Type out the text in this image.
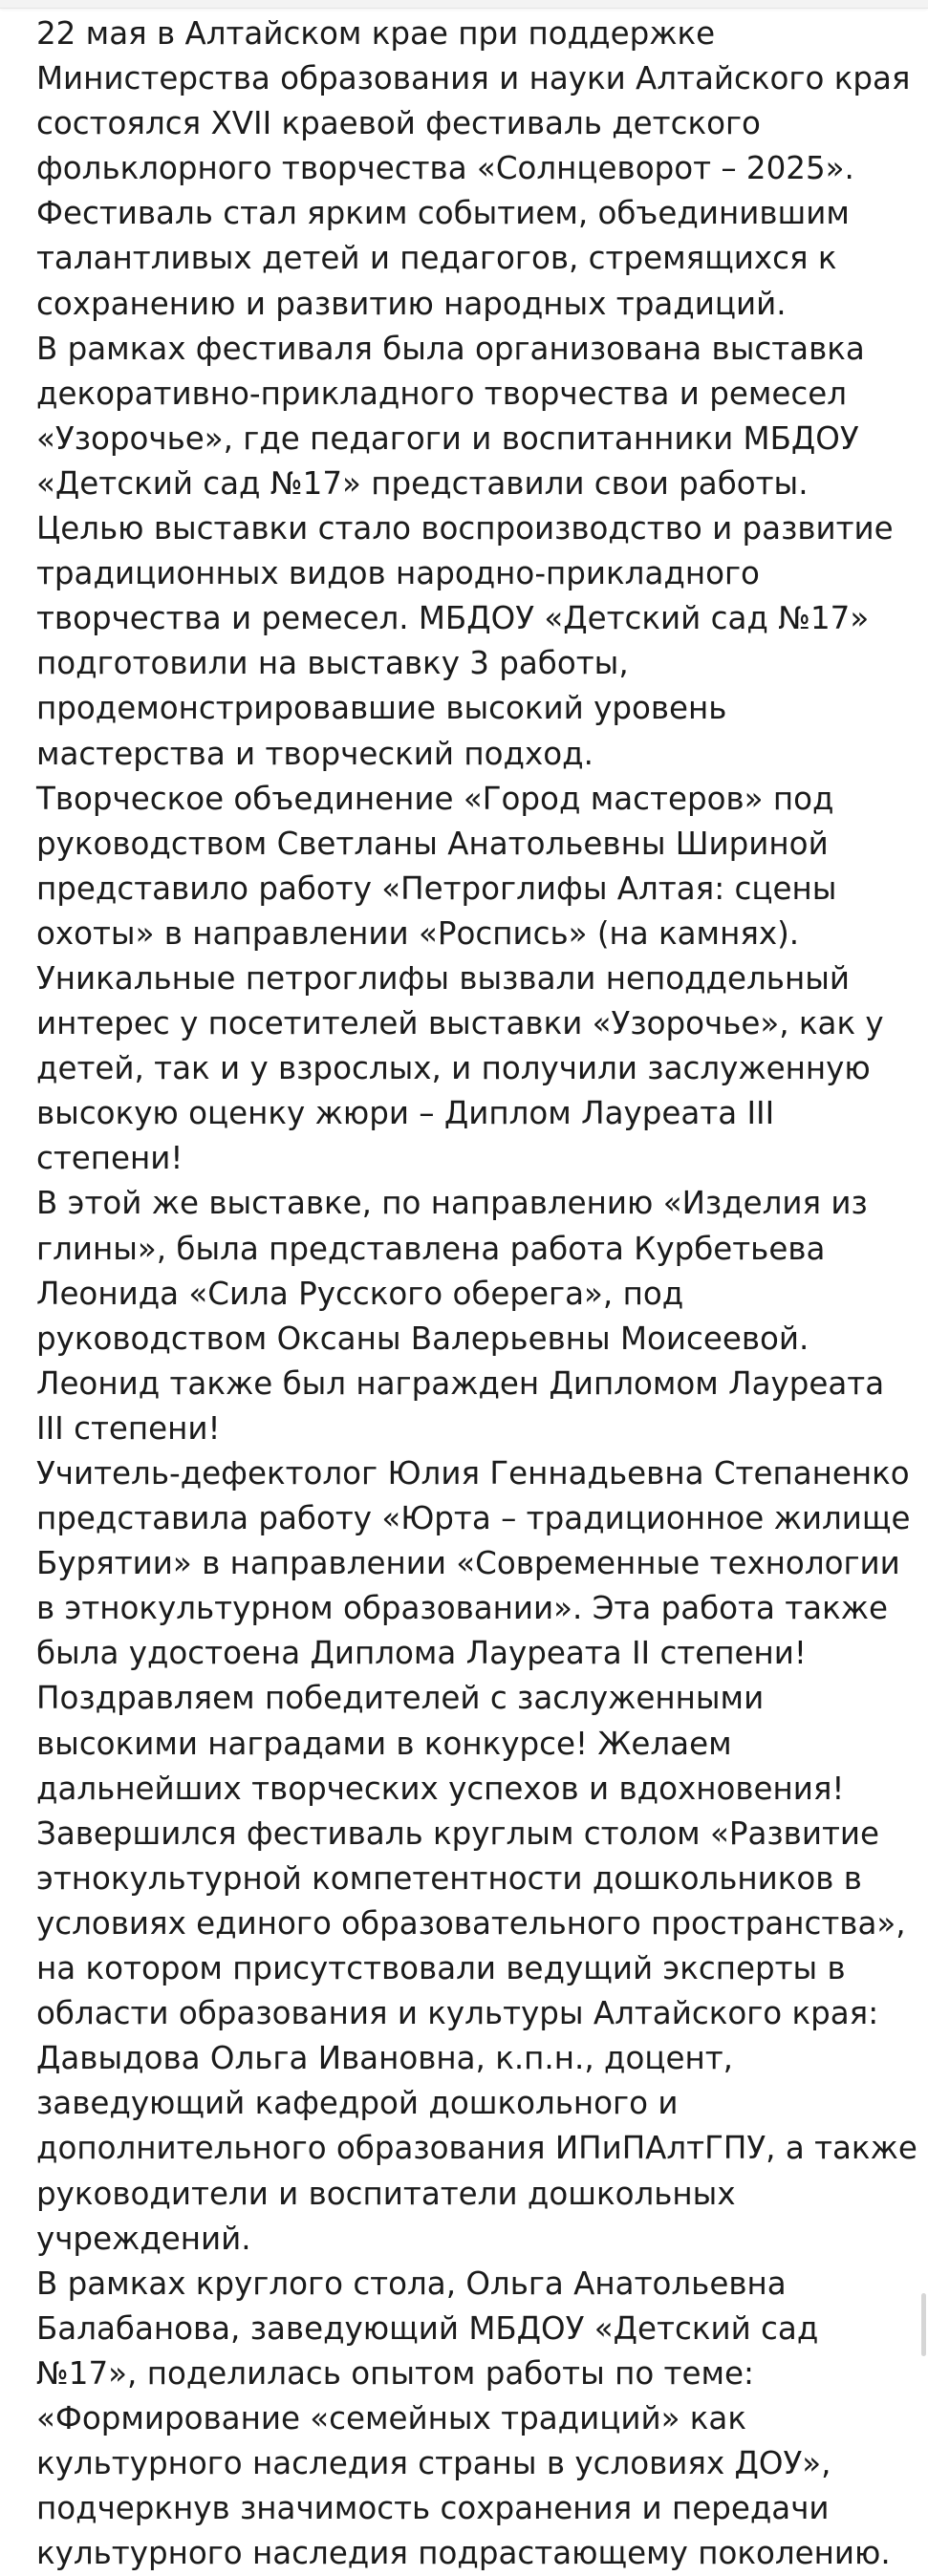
22 мая в Алтайском крае при поддержке Министерства образования и науки Алтайского края состоялся XVII краевой фестиваль детского фольклорного творчества «Солнцеворот – 2025». Фестиваль стал ярким событием, объединившим талантливых детей и педагогов, стремящихся к сохранению и развитию народных традиций.

В рамках фестиваля была организована выставка декоративно-прикладного творчества и ремесел «Узорочье», где педагоги и воспитанники МБДОУ «Детский сад №17» представили свои работы. Целью выставки стало воспроизводство и развитие традиционных видов народно-прикладного творчества и ремесел. МБДОУ «Детский сад №17» подготовили на выставку 3 работы, продемонстрировавшие высокий уровень мастерства и творческий подход.

Творческое объединение «Город мастеров» под руководством Светланы Анатольевны Шириной представило работу «Петроглифы Алтая: сцены охоты» в направлении «Роспись» (на камнях). Уникальные петроглифы вызвали неподдельный интерес у посетителей выставки «Узорочье», как у детей, так и у взрослых, и получили заслуженную высокую оценку жюри – Диплом Лауреата III степени!

В этой же выставке, по направлению «Изделия из глины», была представлена работа Курбетьева Леонида «Сила Русского оберега», под руководством Оксаны Валерьевны Моисеевой. Леонид также был награжден Дипломом Лауреата III степени!

Учитель-дефектолог Юлия Геннадьевна Степаненко представила работу «Юрта – традиционное жилище Бурятии» в направлении «Современные технологии в этнокультурном образовании». Эта работа также была удостоена Диплома Лауреата II степени!

Поздравляем победителей с заслуженными высокими наградами в конкурсе! Желаем дальнейших творческих успехов и вдохновения!

Завершился фестиваль круглым столом «Развитие этнокультурной компетентности дошкольников в условиях единого образовательного пространства», на котором присутствовали ведущий эксперты в области образования и культуры Алтайского края: Давыдова Ольга Ивановна, к.п.н., доцент, заведующий кафедрой дошкольного и дополнительного образования ИПиПАлтГПУ, а также руководители и воспитатели дошкольных учреждений.

В рамках круглого стола, Ольга Анатольевна Балабанова, заведующий МБДОУ «Детский сад №17», поделилась опытом работы по теме: «Формирование «семейных традиций» как культурного наследия страны в условиях ДОУ», подчеркнув значимость сохранения и передачи культурного наследия подрастающему поколению.
